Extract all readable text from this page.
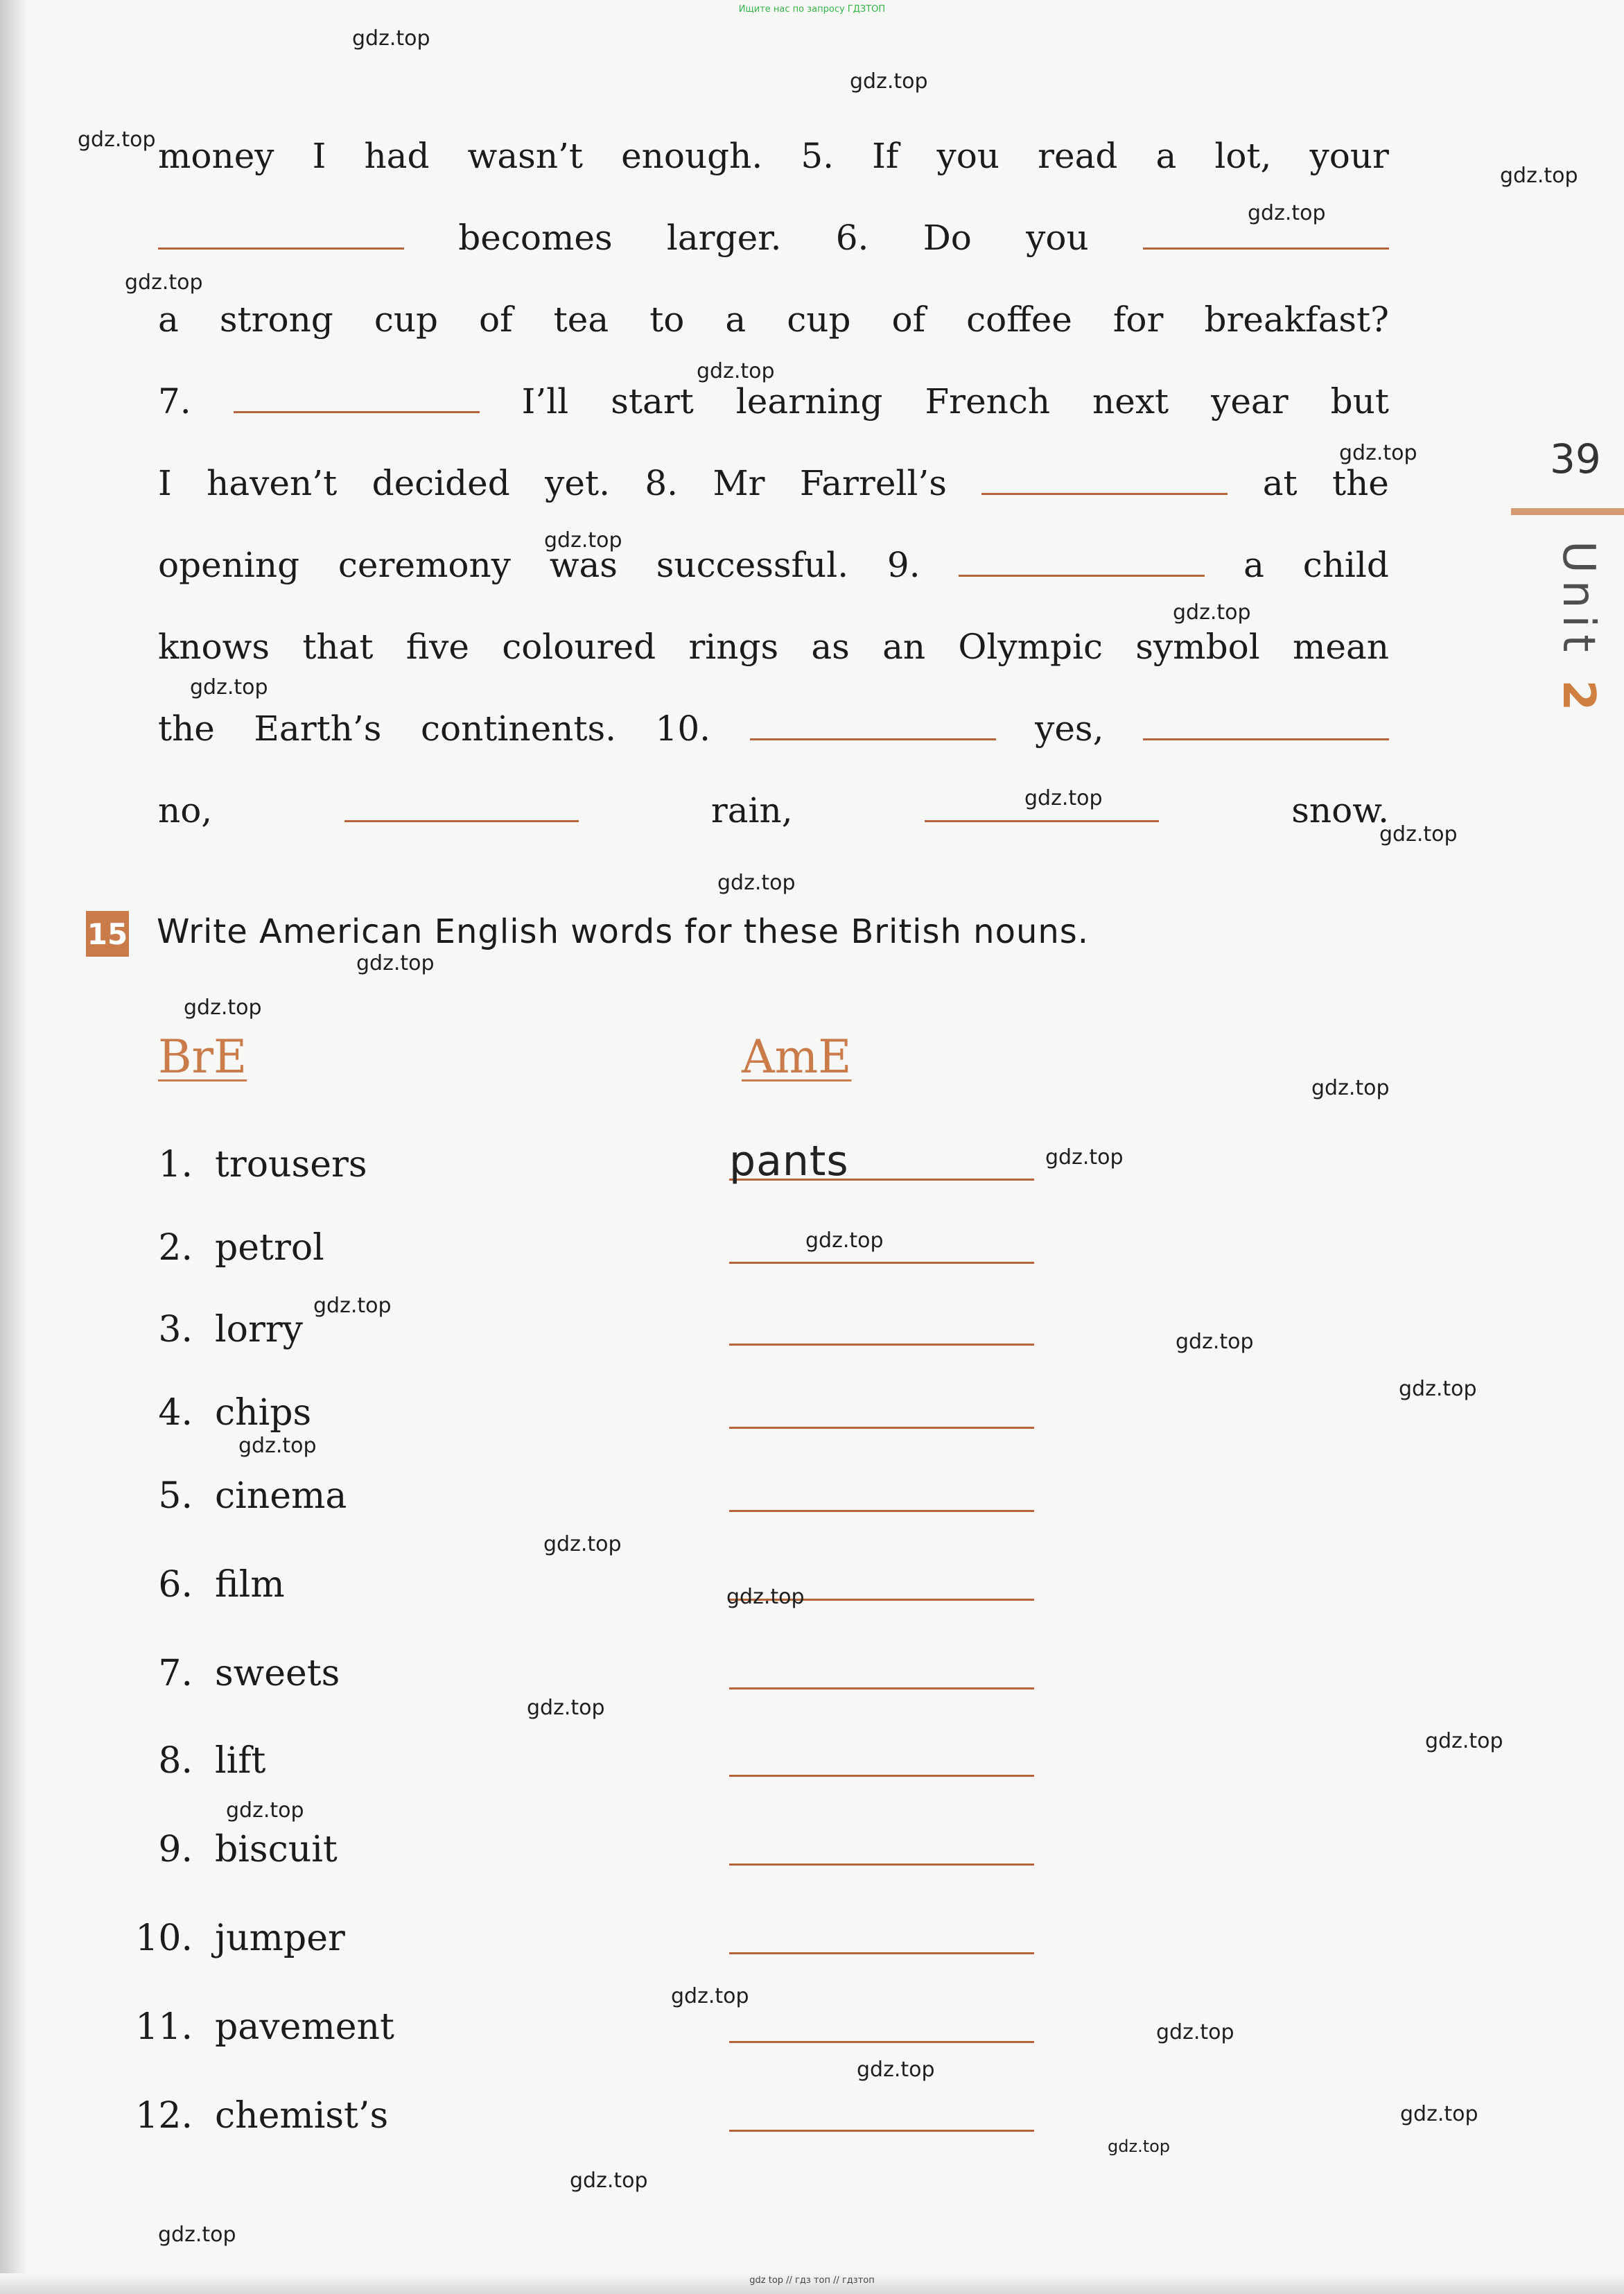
Ищите нас по запросу ГДЗТОП
39
Unit 2
money I had wasn’t enough. 5. If you read a lot, your
becomes larger. 6. Do you
a strong cup of tea to a cup of coffee for breakfast?
7.	I’ll start learning French next year but
I haven’t decided yet. 8. Mr Farrell’s	at the
opening ceremony was successful. 9.	a child
knows that five coloured rings as an Olympic symbol mean
the Earth’s continents. 10.	yes,
no,	rain,	snow.
15 Write American English words for these British nouns.
BrE	AmE
1. trousers	pants
2. petrol
3. lorry
4. chips
5. cinema
6. film
7. sweets
8. lift
9. biscuit
10. jumper
11. pavement
12. chemist’s
gdz.top
gdz.top
gdz.top
gdz.top
gdz.top
gdz.top
gdz.top
gdz.top
gdz.top
gdz.top
gdz.top
gdz.top
gdz.top
gdz.top
gdz.top
gdz.top
gdz.top
gdz.top
gdz.top
gdz.top
gdz.top
gdz.top
gdz.top
gdz.top
gdz.top
gdz.top
gdz.top
gdz.top
gdz.top
gdz.top
gdz.top
gdz.top
gdz.top
gdz.top
gdz.top
gdz top // гдз топ // гдзтоп
